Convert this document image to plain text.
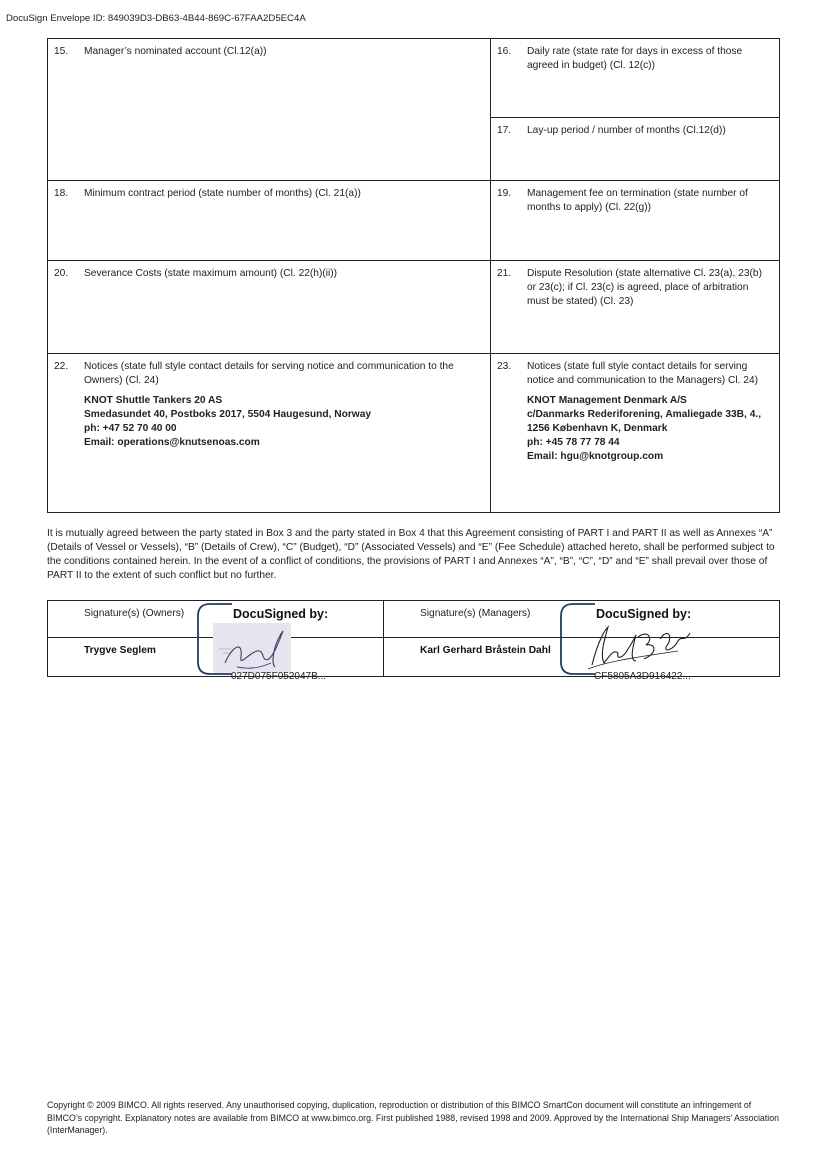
DocuSign Envelope ID: 849039D3-DB63-4B44-869C-67FAA2D5EC4A
15. Manager’s nominated account (Cl.12(a))	16. Daily rate (state rate for days in excess of those agreed in budget) (Cl. 12(c))
17. Lay-up period / number of months (Cl.12(d))
18. Minimum contract period (state number of months) (Cl. 21(a))	19. Management fee on termination (state number of months to apply) (Cl. 22(g))
20. Severance Costs (state maximum amount) (Cl. 22(h)(ii))	21. Dispute Resolution (state alternative Cl. 23(a), 23(b) or 23(c); if Cl. 23(c) is agreed, place of arbitration must be stated) (Cl. 23)
22. Notices (state full style contact details for serving notice and communication to the Owners) (Cl. 24)
KNOT Shuttle Tankers 20 AS
Smedasundet 40, Postboks 2017, 5504 Haugesund, Norway
ph: +47 52 70 40 00
Email: operations@knutsenoas.com
23. Notices (state full style contact details for serving notice and communication to the Managers) Cl. 24)
KNOT Management Denmark A/S
c/Danmarks Rederiforening, Amaliegade 33B, 4., 1256 København K, Denmark
ph: +45 78 77 78 44
Email: hgu@knotgroup.com
It is mutually agreed between the party stated in Box 3 and the party stated in Box 4 that this Agreement consisting of PART I and PART II as well as Annexes “A” (Details of Vessel or Vessels), “B” (Details of Crew), “C” (Budget), “D” (Associated Vessels) and “E” (Fee Schedule) attached hereto, shall be performed subject to the conditions contained herein. In the event of a conflict of conditions, the provisions of PART I and Annexes “A”, “B”, “C”, “D” and “E” shall prevail over those of PART II to the extent of such conflict but no further.
Signature(s) (Owners)
Trygve Seglem
DocuSigned by:
027D075F052047B...
Signature(s) (Managers)
Karl Gerhard Bråstein Dahl
DocuSigned by:
CF5805A3D916422...
Copyright © 2009 BIMCO. All rights reserved. Any unauthorised copying, duplication, reproduction or distribution of this BIMCO SmartCon document will constitute an infringement of BIMCO’s copyright. Explanatory notes are available from BIMCO at www.bimco.org. First published 1988, revised 1998 and 2009. Approved by the International Ship Managers’ Association (InterManager).
